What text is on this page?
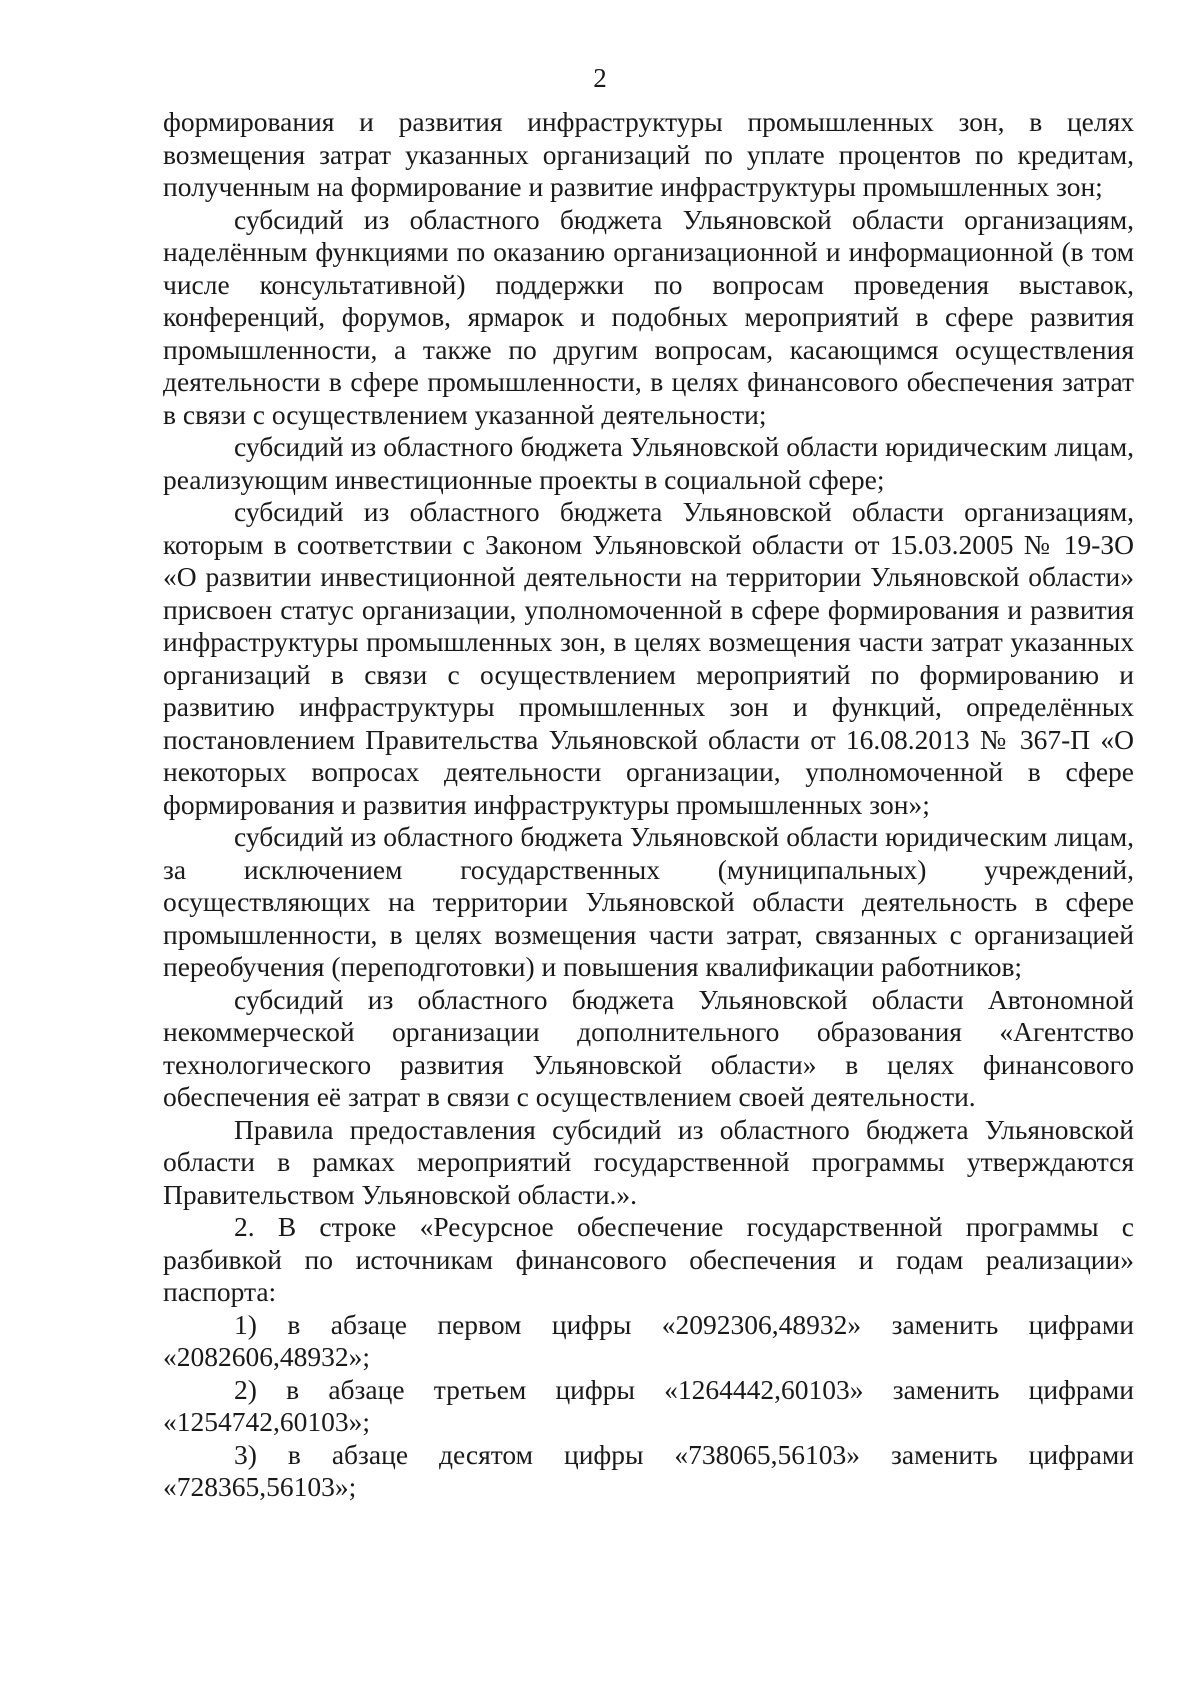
2

формирования и развития инфраструктуры промышленных зон, в целях возмещения затрат указанных организаций по уплате процентов по кредитам, полученным на формирование и развитие инфраструктуры промышленных зон;

субсидий из областного бюджета Ульяновской области организациям, наделённым функциями по оказанию организационной и информационной (в том числе консультативной) поддержки по вопросам проведения выставок, конференций, форумов, ярмарок и подобных мероприятий в сфере развития промышленности, а также по другим вопросам, касающимся осуществления деятельности в сфере промышленности, в целях финансового обеспечения затрат в связи с осуществлением указанной деятельности;

субсидий из областного бюджета Ульяновской области юридическим лицам, реализующим инвестиционные проекты в социальной сфере;

субсидий из областного бюджета Ульяновской области организациям, которым в соответствии с Законом Ульяновской области от 15.03.2005 № 19-ЗО «О развитии инвестиционной деятельности на территории Ульяновской области» присвоен статус организации, уполномоченной в сфере формирования и развития инфраструктуры промышленных зон, в целях возмещения части затрат указанных организаций в связи с осуществлением мероприятий по формированию и развитию инфраструктуры промышленных зон и функций, определённых постановлением Правительства Ульяновской области от 16.08.2013 № 367-П «О некоторых вопросах деятельности организации, уполномоченной в сфере формирования и развития инфраструктуры промышленных зон»;

субсидий из областного бюджета Ульяновской области юридическим лицам, за исключением государственных (муниципальных) учреждений, осуществляющих на территории Ульяновской области деятельность в сфере промышленности, в целях возмещения части затрат, связанных с организацией переобучения (переподготовки) и повышения квалификации работников;

субсидий из областного бюджета Ульяновской области Автономной некоммерческой организации дополнительного образования «Агентство технологического развития Ульяновской области» в целях финансового обеспечения её затрат в связи с осуществлением своей деятельности.

Правила предоставления субсидий из областного бюджета Ульяновской области в рамках мероприятий государственной программы утверждаются Правительством Ульяновской области.».

2. В строке «Ресурсное обеспечение государственной программы с разбивкой по источникам финансового обеспечения и годам реализации» паспорта:

1) в абзаце первом цифры «2092306,48932» заменить цифрами «2082606,48932»;

2) в абзаце третьем цифры «1264442,60103» заменить цифрами «1254742,60103»;

3) в абзаце десятом цифры «738065,56103» заменить цифрами «728365,56103»;
